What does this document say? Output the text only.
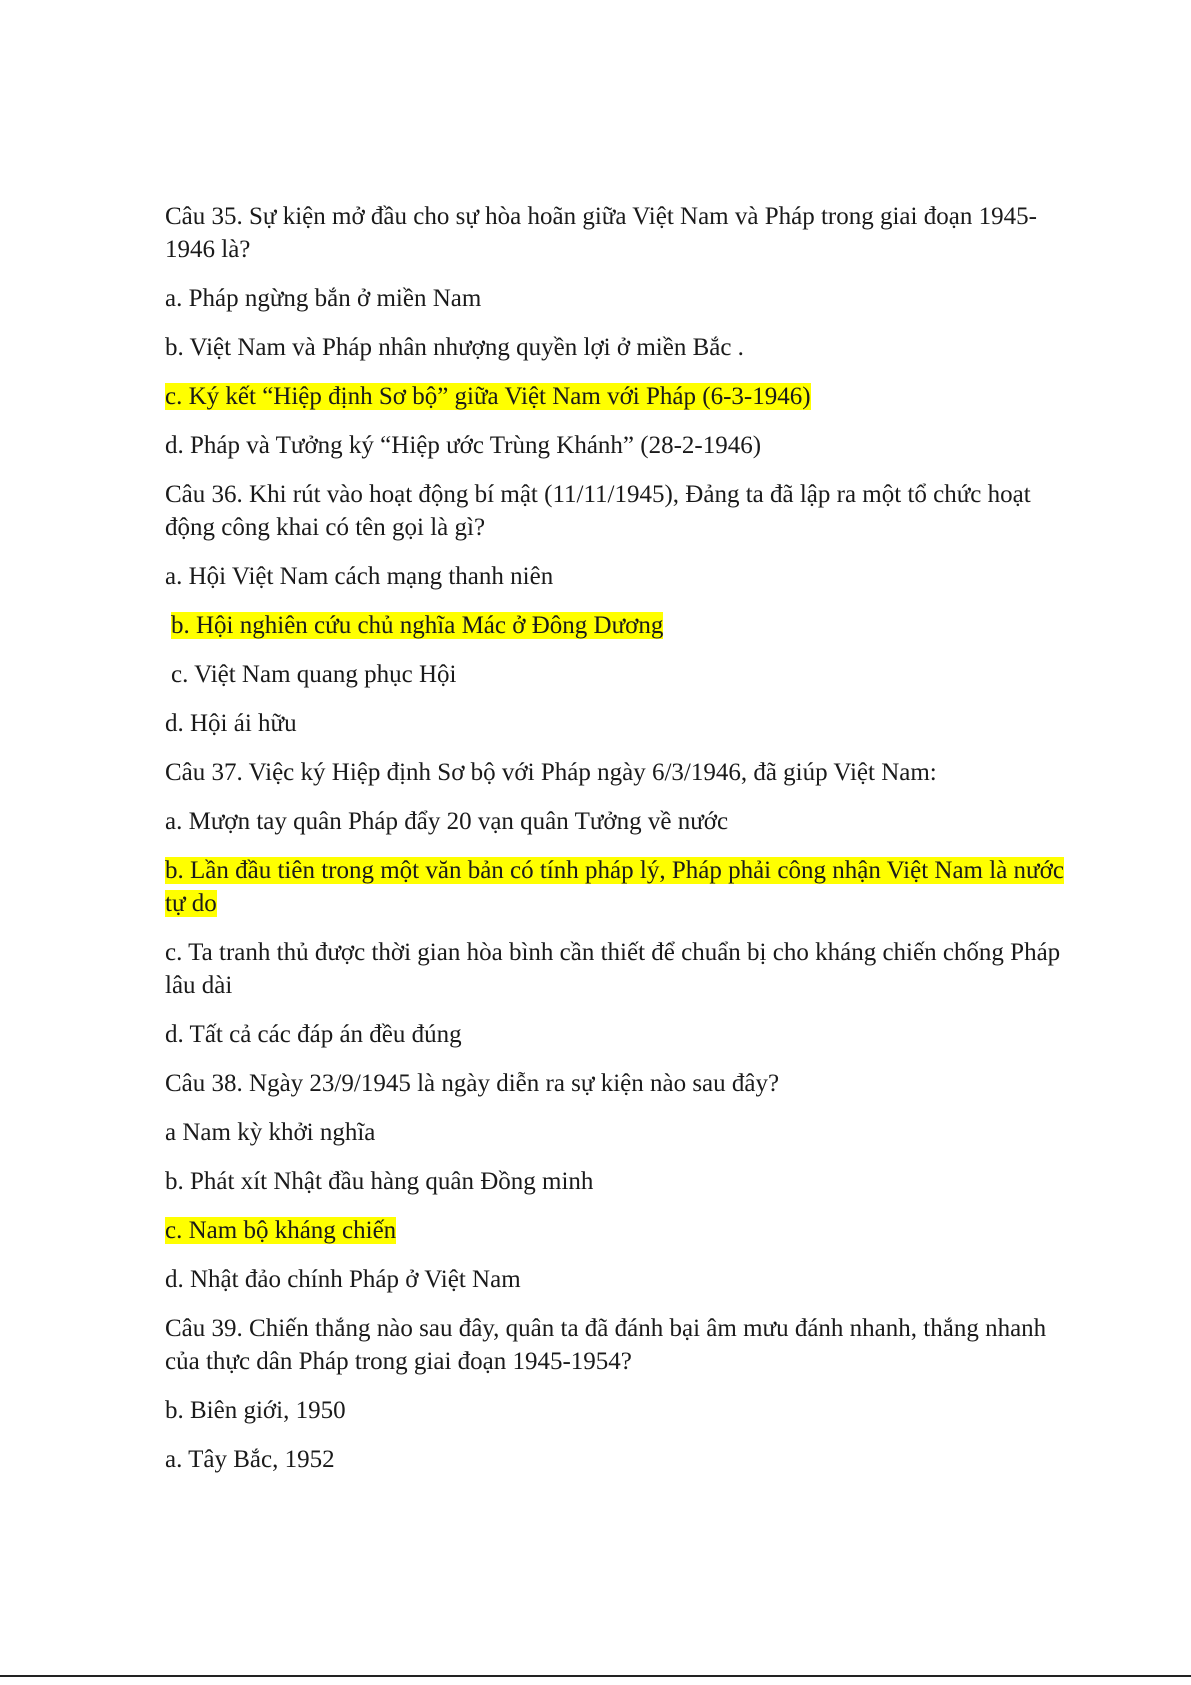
Câu 35. Sự kiện mở đầu cho sự hòa hoãn giữa Việt Nam và Pháp trong giai đoạn 1945-1946 là?
a. Pháp ngừng bắn ở miền Nam
b. Việt Nam và Pháp nhân nhượng quyền lợi ở miền Bắc .
c. Ký kết “Hiệp định Sơ bộ” giữa Việt Nam với Pháp (6-3-1946)
d. Pháp và Tưởng ký “Hiệp ước Trùng Khánh” (28-2-1946)
Câu 36. Khi rút vào hoạt động bí mật (11/11/1945), Đảng ta đã lập ra một tổ chức hoạt động công khai có tên gọi là gì?
a. Hội Việt Nam cách mạng thanh niên
b. Hội nghiên cứu chủ nghĩa Mác ở Đông Dương
c. Việt Nam quang phục Hội
d. Hội ái hữu
Câu 37. Việc ký Hiệp định Sơ bộ với Pháp ngày 6/3/1946, đã giúp Việt Nam:
a. Mượn tay quân Pháp đẩy 20 vạn quân Tưởng về nước
b. Lần đầu tiên trong một văn bản có tính pháp lý, Pháp phải công nhận Việt Nam là nước tự do
c. Ta tranh thủ được thời gian hòa bình cần thiết để chuẩn bị cho kháng chiến chống Pháp lâu dài
d. Tất cả các đáp án đều đúng
Câu 38. Ngày 23/9/1945 là ngày diễn ra sự kiện nào sau đây?
a Nam kỳ khởi nghĩa
b. Phát xít Nhật đầu hàng quân Đồng minh
c. Nam bộ kháng chiến
d. Nhật đảo chính Pháp ở Việt Nam
Câu 39. Chiến thắng nào sau đây, quân ta đã đánh bại âm mưu đánh nhanh, thắng nhanh của thực dân Pháp trong giai đoạn 1945-1954?
b. Biên giới, 1950
a. Tây Bắc, 1952
